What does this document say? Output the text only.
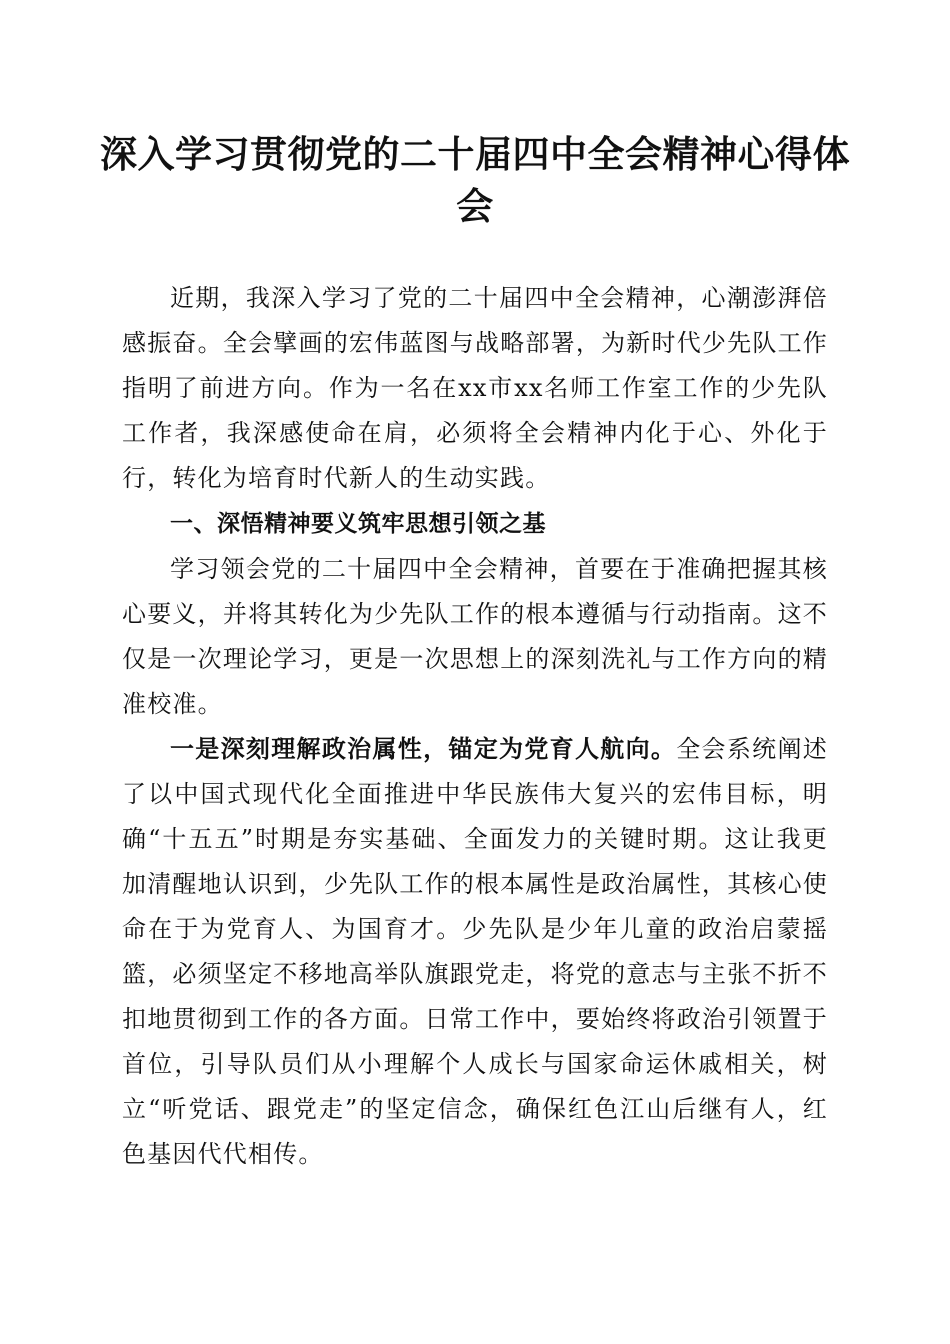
深入学习贯彻党的二十届四中全会精神心得体会

近期，我深入学习了党的二十届四中全会精神，心潮澎湃倍感振奋。全会擘画的宏伟蓝图与战略部署，为新时代少先队工作指明了前进方向。作为一名在xx市xx名师工作室工作的少先队工作者，我深感使命在肩，必须将全会精神内化于心、外化于行，转化为培育时代新人的生动实践。

一、深悟精神要义筑牢思想引领之基

学习领会党的二十届四中全会精神，首要在于准确把握其核心要义，并将其转化为少先队工作的根本遵循与行动指南。这不仅是一次理论学习，更是一次思想上的深刻洗礼与工作方向的精准校准。

一是深刻理解政治属性，锚定为党育人航向。全会系统阐述了以中国式现代化全面推进中华民族伟大复兴的宏伟目标，明确“十五五”时期是夯实基础、全面发力的关键时期。这让我更加清醒地认识到，少先队工作的根本属性是政治属性，其核心使命在于为党育人、为国育才。少先队是少年儿童的政治启蒙摇篮，必须坚定不移地高举队旗跟党走，将党的意志与主张不折不扣地贯彻到工作的各方面。日常工作中，要始终将政治引领置于首位，引导队员们从小理解个人成长与国家命运休戚相关，树立“听党话、跟党走”的坚定信念，确保红色江山后继有人，红色基因代代相传。
